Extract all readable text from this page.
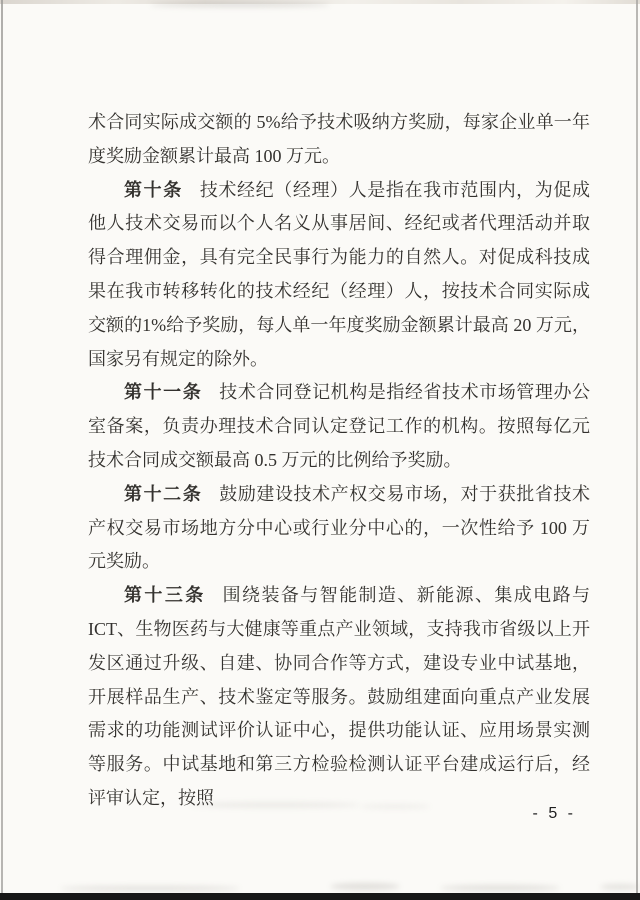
术合同实际成交额的 5%给予技术吸纳方奖励，每家企业单一年度奖励金额累计最高 100 万元。

第十条 技术经纪（经理）人是指在我市范围内，为促成他人技术交易而以个人名义从事居间、经纪或者代理活动并取得合理佣金，具有完全民事行为能力的自然人。对促成科技成果在我市转移转化的技术经纪（经理）人，按技术合同实际成交额的1%给予奖励，每人单一年度奖励金额累计最高 20 万元，国家另有规定的除外。

第十一条 技术合同登记机构是指经省技术市场管理办公室备案，负责办理技术合同认定登记工作的机构。按照每亿元技术合同成交额最高 0.5 万元的比例给予奖励。

第十二条 鼓励建设技术产权交易市场，对于获批省技术产权交易市场地方分中心或行业分中心的，一次性给予 100 万元奖励。

第十三条 围绕装备与智能制造、新能源、集成电路与 ICT、生物医药与大健康等重点产业领域，支持我市省级以上开发区通过升级、自建、协同合作等方式，建设专业中试基地，开展样品生产、技术鉴定等服务。鼓励组建面向重点产业发展需求的功能测试评价认证中心，提供功能认证、应用场景实测等服务。中试基地和第三方检验检测认证平台建成运行后，经评审认定，按照

- 5 -
